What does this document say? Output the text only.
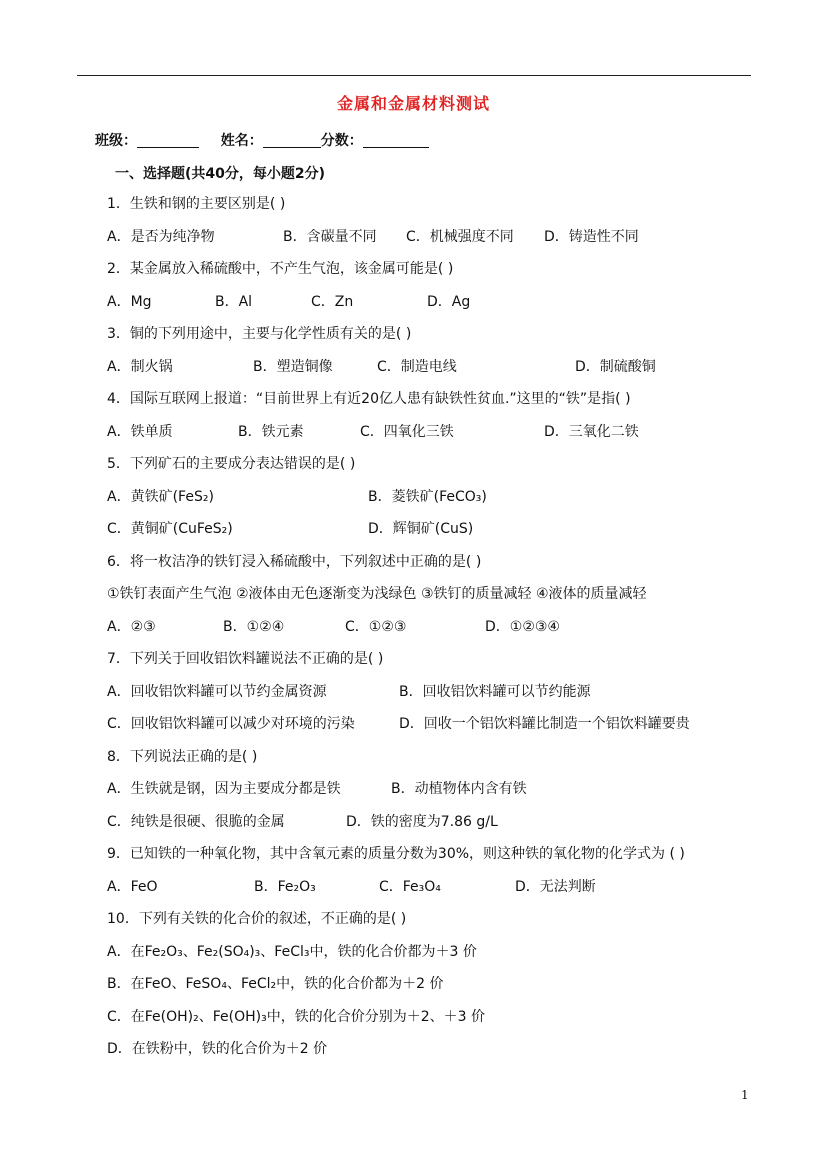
金属和金属材料测试
班级：	姓名：	分数：
一、选择题(共40分，每小题2分)
1．生铁和钢的主要区别是( )
A．是否为纯净物	B．含碳量不同 C．机械强度不同 D．铸造性不同
2．某金属放入稀硫酸中，不产生气泡，该金属可能是( )
A．Mg	B．Al	C．Zn	D．Ag
3．铜的下列用途中，主要与化学性质有关的是( )
A．制火锅	B．塑造铜像	C．制造电线	D．制硫酸铜
4．国际互联网上报道：“目前世界上有近20亿人患有缺铁性贫血.”这里的“铁”是指( )
A．铁单质	B．铁元素	C．四氧化三铁	D．三氧化二铁
5．下列矿石的主要成分表达错误的是( )
A．黄铁矿(FeS₂)	B．菱铁矿(FeCO₃)
C．黄铜矿(CuFeS₂)	D．辉铜矿(CuS)
6．将一枚洁净的铁钉浸入稀硫酸中，下列叙述中正确的是( )
①铁钉表面产生气泡 ②液体由无色逐渐变为浅绿色 ③铁钉的质量减轻 ④液体的质量减轻
A．②③	B．①②④	C．①②③	D．①②③④
7．下列关于回收铝饮料罐说法不正确的是( )
A．回收铝饮料罐可以节约金属资源	B．回收铝饮料罐可以节约能源
C．回收铝饮料罐可以减少对环境的污染	D．回收一个铝饮料罐比制造一个铝饮料罐要贵
8．下列说法正确的是( )
A．生铁就是钢，因为主要成分都是铁	B．动植物体内含有铁
C．纯铁是很硬、很脆的金属	D．铁的密度为7.86 g/L
9．已知铁的一种氧化物，其中含氧元素的质量分数为30%，则这种铁的氧化物的化学式为 ( )
A．FeO	B．Fe₂O₃	C．Fe₃O₄	D．无法判断
10．下列有关铁的化合价的叙述，不正确的是( )
A．在Fe₂O₃、Fe₂(SO₄)₃、FeCl₃中，铁的化合价都为＋3 价
B．在FeO、FeSO₄、FeCl₂中，铁的化合价都为＋2 价
C．在Fe(OH)₂、Fe(OH)₃中，铁的化合价分别为＋2、＋3 价
D．在铁粉中，铁的化合价为＋2 价
1
